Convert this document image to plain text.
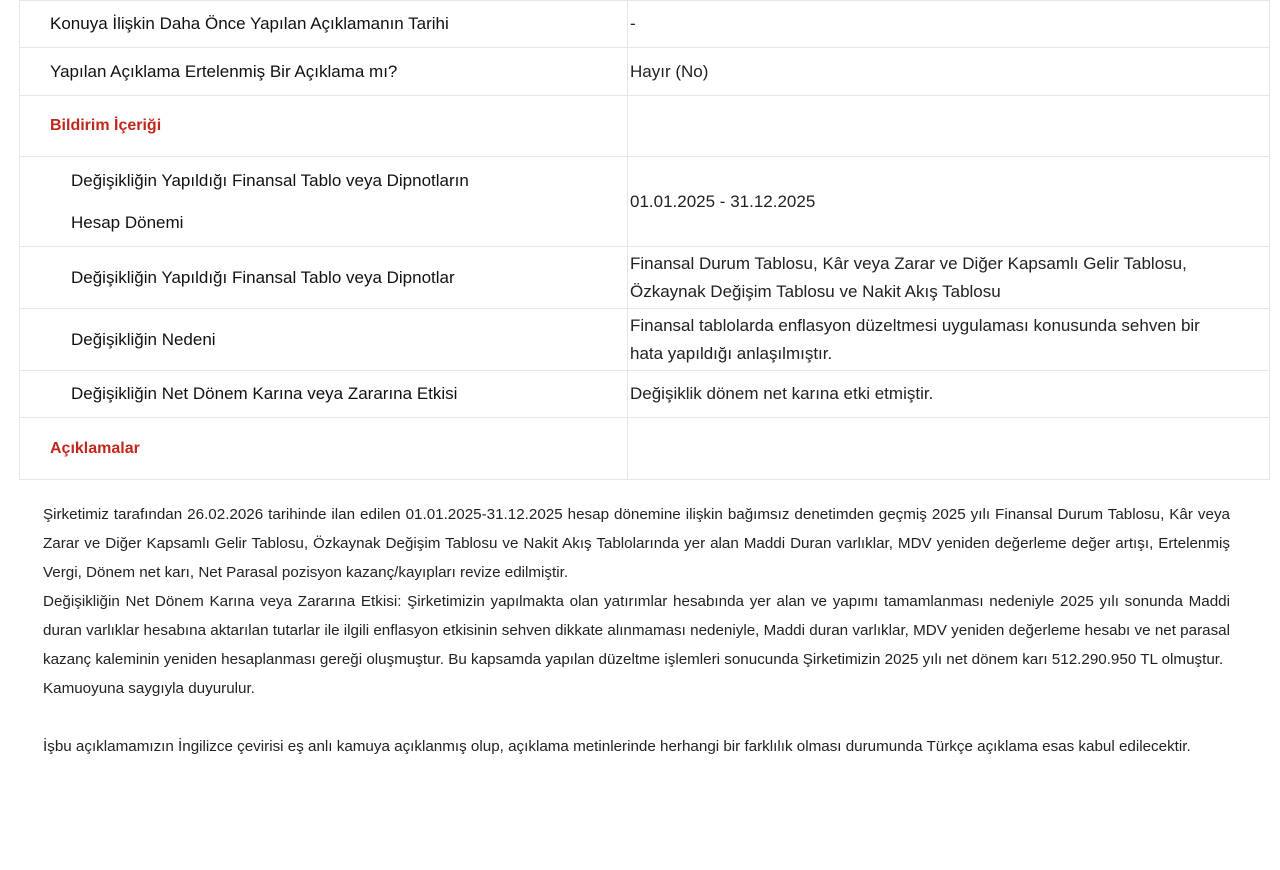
Konuya İlişkin Daha Önce Yapılan Açıklamanın Tarihi	-
Yapılan Açıklama Ertelenmiş Bir Açıklama mı?	Hayır (No)
Bildirim İçeriği	

Değişikliğin Yapıldığı Finansal Tablo veya Dipnotların
Hesap Dönemi	01.01.2025 - 31.12.2025
Değişikliğin Yapıldığı Finansal Tablo veya Dipnotlar	Finansal Durum Tablosu, Kâr veya Zarar ve Diğer Kapsamlı Gelir Tablosu,
Özkaynak Değişim Tablosu ve Nakit Akış Tablosu
Değişikliğin Nedeni	Finansal tablolarda enflasyon düzeltmesi uygulaması konusunda sehven bir
hata yapıldığı anlaşılmıştır.
Değişikliğin Net Dönem Karına veya Zararına Etkisi	Değişiklik dönem net karına etki etmiştir.
Açıklamalar	

Şirketimiz tarafından 26.02.2026 tarihinde ilan edilen 01.01.2025-31.12.2025 hesap dönemine ilişkin bağımsız denetimden geçmiş 2025 yılı Finansal Durum Tablosu, Kâr veya Zarar ve Diğer Kapsamlı Gelir Tablosu, Özkaynak Değişim Tablosu ve Nakit Akış Tablolarında yer alan Maddi Duran varlıklar, MDV yeniden değerleme değer artışı, Ertelenmiş Vergi, Dönem net karı, Net Parasal pozisyon kazanç/kayıpları revize edilmiştir.

Değişikliğin Net Dönem Karına veya Zararına Etkisi: Şirketimizin yapılmakta olan yatırımlar hesabında yer alan ve yapımı tamamlanması nedeniyle 2025 yılı sonunda Maddi duran varlıklar hesabına aktarılan tutarlar ile ilgili enflasyon etkisinin sehven dikkate alınmaması nedeniyle, Maddi duran varlıklar, MDV yeniden değerleme hesabı ve net parasal kazanç kaleminin yeniden hesaplanması gereği oluşmuştur. Bu kapsamda yapılan düzeltme işlemleri sonucunda Şirketimizin 2025 yılı net dönem karı 512.290.950 TL olmuştur.

Kamuoyuna saygıyla duyurulur.

İşbu açıklamamızın İngilizce çevirisi eş anlı kamuya açıklanmış olup, açıklama metinlerinde herhangi bir farklılık olması durumunda Türkçe açıklama esas kabul edilecektir.
